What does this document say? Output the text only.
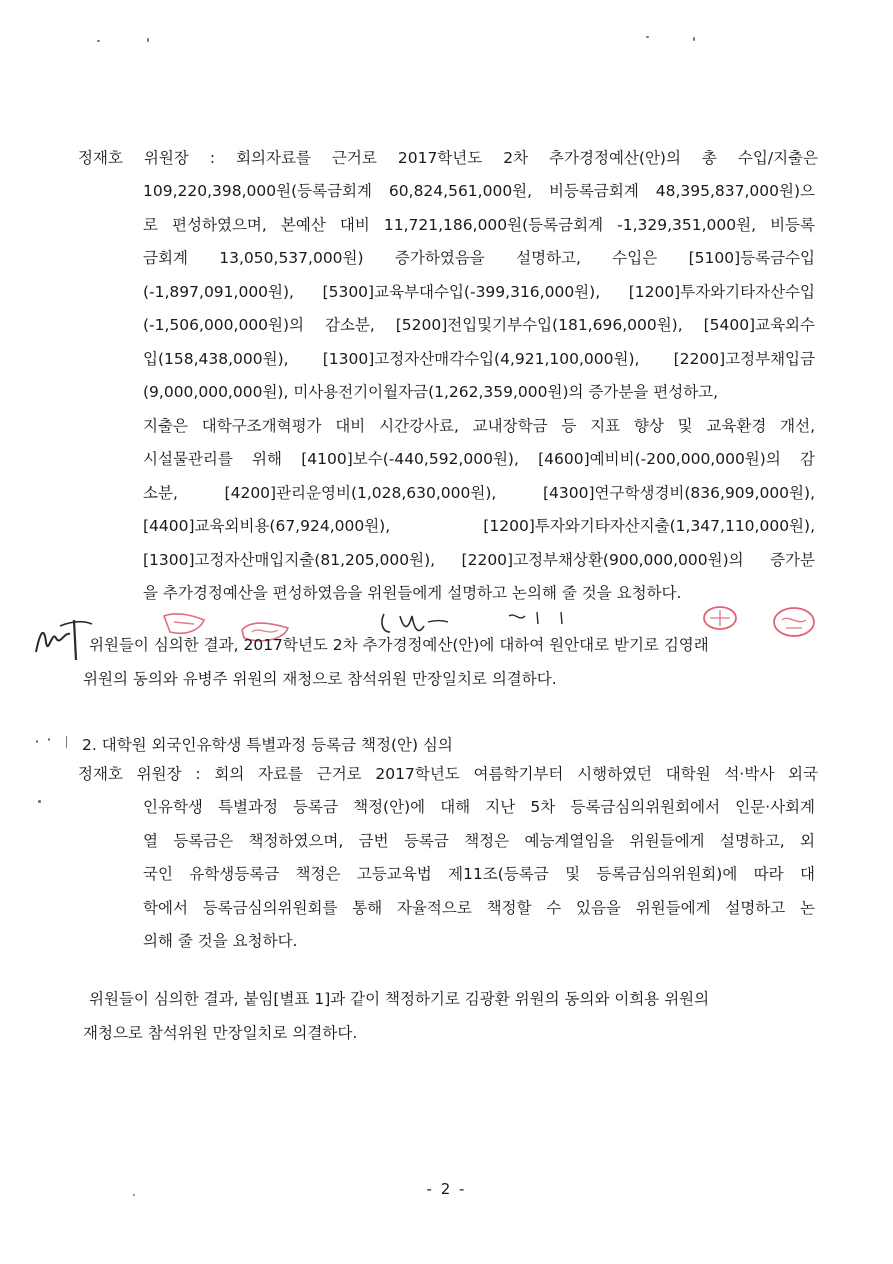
정재호 위원장 : 회의자료를 근거로 2017학년도 2차 추가경정예산(안)의 총 수입/지출은
109,220,398,000원(등록금회계 60,824,561,000원, 비등록금회계 48,395,837,000원)으
로 편성하였으며, 본예산 대비 11,721,186,000원(등록금회계 -1,329,351,000원, 비등록
금회계 13,050,537,000원) 증가하였음을 설명하고, 수입은 [5100]등록금수입
(-1,897,091,000원), [5300]교육부대수입(-399,316,000원), [1200]투자와기타자산수입
(-1,506,000,000원)의 감소분, [5200]전입및기부수입(181,696,000원), [5400]교육외수
입(158,438,000원), [1300]고정자산매각수입(4,921,100,000원), [2200]고정부채입금
(9,000,000,000원), 미사용전기이월자금(1,262,359,000원)의 증가분을 편성하고,
지출은 대학구조개혁평가 대비 시간강사료, 교내장학금 등 지표 향상 및 교육환경 개선,
시설물관리를 위해 [4100]보수(-440,592,000원), [4600]예비비(-200,000,000원)의 감
소분, [4200]관리운영비(1,028,630,000원), [4300]연구학생경비(836,909,000원),
[4400]교육외비용(67,924,000원), [1200]투자와기타자산지출(1,347,110,000원),
[1300]고정자산매입지출(81,205,000원), [2200]고정부채상환(900,000,000원)의 증가분
을 추가경정예산을 편성하였음을 위원들에게 설명하고 논의해 줄 것을 요청하다.
위원들이 심의한 결과, 2017학년도 2차 추가경정예산(안)에 대하여 원안대로 받기로 김영래
위원의 동의와 유병주 위원의 재청으로 참석위원 만장일치로 의결하다.
2. 대학원 외국인유학생 특별과정 등록금 책정(안) 심의
정재호 위원장 : 회의 자료를 근거로 2017학년도 여름학기부터 시행하였던 대학원 석·박사 외국
인유학생 특별과정 등록금 책정(안)에 대해 지난 5차 등록금심의위원회에서 인문·사회계
열 등록금은 책정하였으며, 금번 등록금 책정은 예능계열임을 위원들에게 설명하고, 외
국인 유학생등록금 책정은 고등교육법 제11조(등록금 및 등록금심의위원회)에 따라 대
학에서 등록금심의위원회를 통해 자율적으로 책정할 수 있음을 위원들에게 설명하고 논
의해 줄 것을 요청하다.
위원들이 심의한 결과, 붙임[별표 1]과 같이 책정하기로 김광환 위원의 동의와 이희용 위원의
재청으로 참석위원 만장일치로 의결하다.
- 2 -
